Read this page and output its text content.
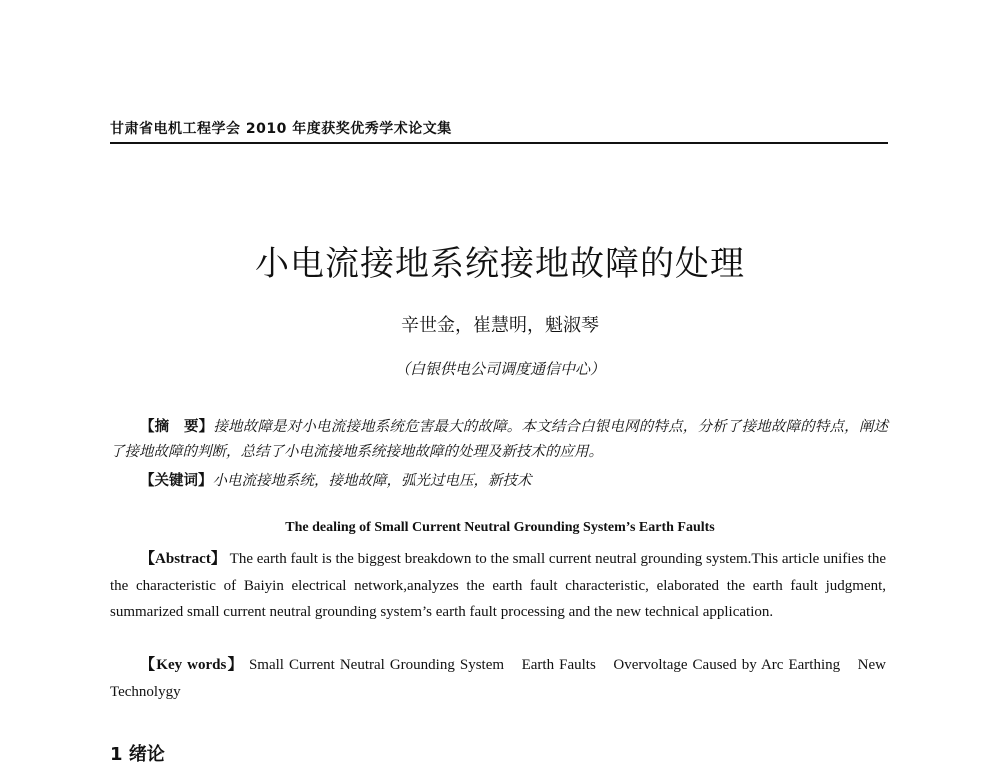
甘肃省电机工程学会 2010 年度获奖优秀学术论文集
小电流接地系统接地故障的处理
辛世金，崔慧明，魁淑琴
（白银供电公司调度通信中心）
【摘　要】接地故障是对小电流接地系统危害最大的故障。本文结合白银电网的特点，分析了接地故障的特点，阐述了接地故障的判断，总结了小电流接地系统接地故障的处理及新技术的应用。
【关键词】小电流接地系统，接地故障，弧光过电压，新技术
The dealing of Small Current Neutral Grounding System’s Earth Faults
【Abstract】 The earth fault is the biggest breakdown to the small current neutral grounding system.This article unifies the the characteristic of Baiyin electrical network,analyzes the earth fault characteristic, elaborated the earth fault judgment, summarized small current neutral grounding system’s earth fault processing and the new technical application.
【Key words】 Small Current Neutral Grounding System　Earth Faults　Overvoltage Caused by Arc Earthing　New Technolygy
1 绪论
